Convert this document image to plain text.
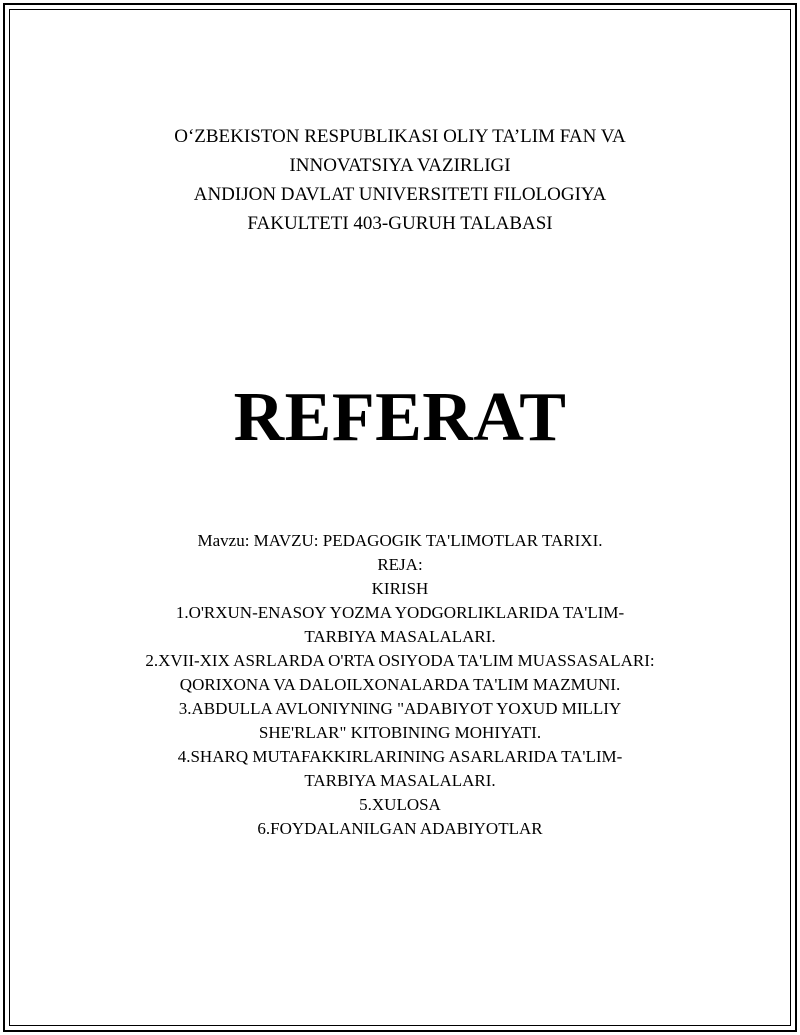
O‘ZBEKISTON RESPUBLIKASI OLIY TA’LIM FAN VA
INNOVATSIYA VAZIRLIGI
ANDIJON DAVLAT UNIVERSITETI FILOLOGIYA
FAKULTETI 403-GURUH TALABASI
REFERAT
Mavzu: MAVZU: PEDAGOGIK TA'LIMOTLAR TARIXI.
REJA:
KIRISH
1.O'RXUN-ENASOY YOZMA YODGORLIKLARIDA TA'LIM-
TARBIYA MASALALARI.
2.XVII-XIX ASRLARDA O'RTA OSIYODA TA'LIM MUASSASALARI:
QORIXONA VA DALOILXONALARDA TA'LIM MAZMUNI.
3.ABDULLA AVLONIYNING "ADABIYOT YOXUD MILLIY
SHE'RLAR" KITOBINING MOHIYATI.
4.SHARQ MUTAFAKKIRLARINING ASARLARIDA TA'LIM-
TARBIYA MASALALARI.
5.XULOSA
6.FOYDALANILGAN ADABIYOTLAR
